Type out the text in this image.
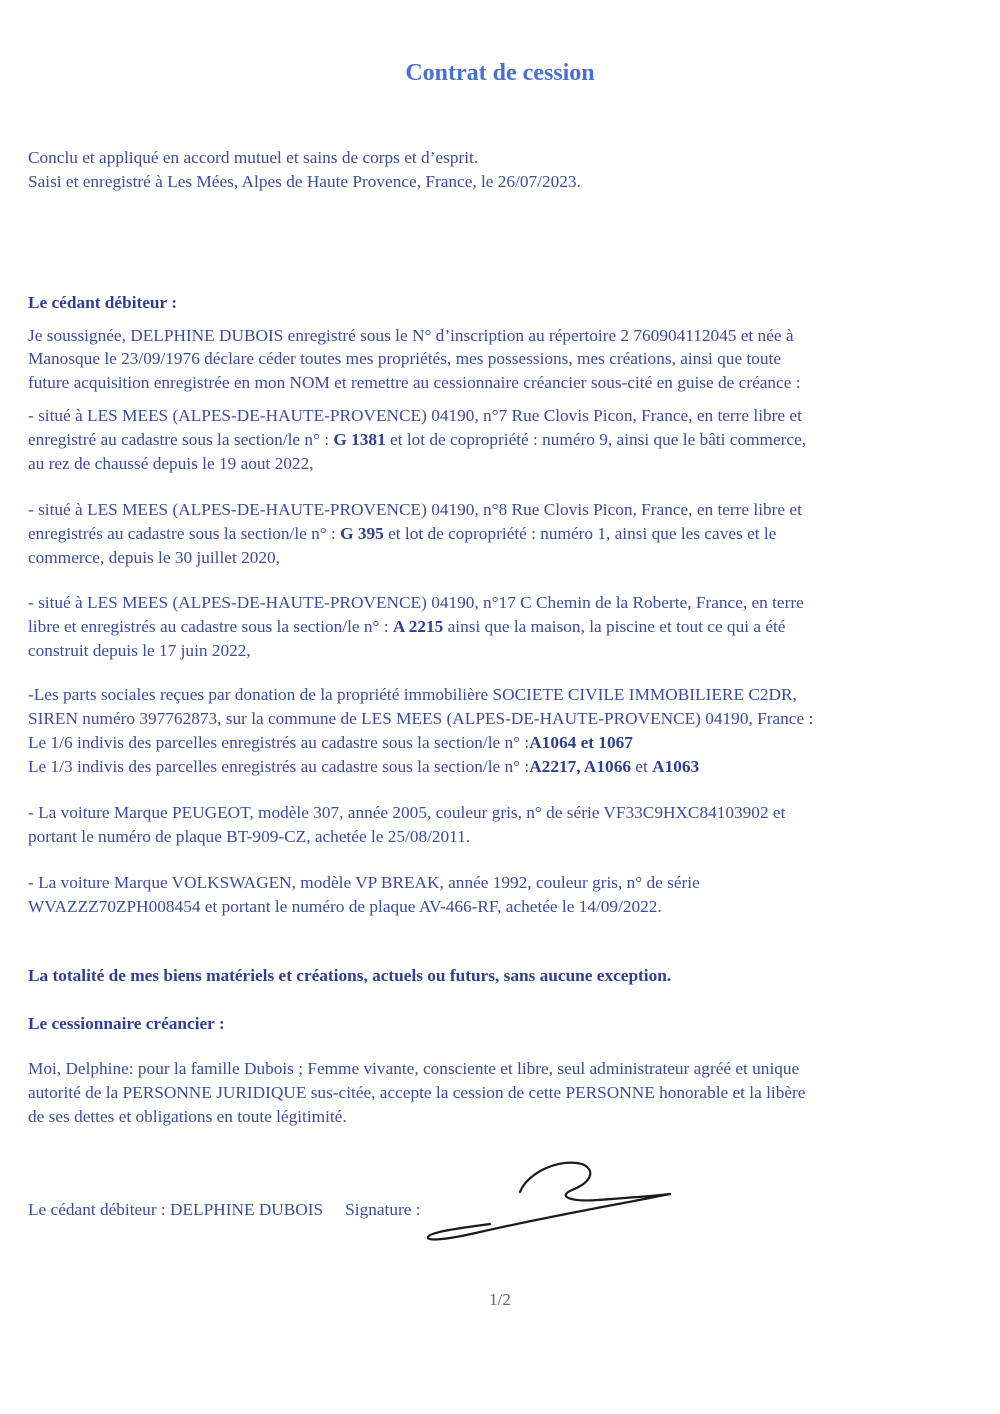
Contrat de cession
Conclu et appliqué en accord mutuel et sains de corps et d’esprit.
Saisi et enregistré à Les Mées, Alpes de Haute Provence, France, le 26/07/2023.
Le cédant débiteur :
Je soussignée, DELPHINE DUBOIS enregistré sous le N° d’inscription au répertoire 2 760904112045 et née à
Manosque le 23/09/1976 déclare céder toutes mes propriétés, mes possessions, mes créations, ainsi que toute
future acquisition enregistrée en mon NOM et remettre au cessionnaire créancier sous-cité en guise de créance :
- situé à LES MEES (ALPES-DE-HAUTE-PROVENCE) 04190, n°7 Rue Clovis Picon, France, en terre libre et
enregistré au cadastre sous la section/le n° : G 1381 et lot de copropriété : numéro 9, ainsi que le bâti commerce,
au rez de chaussé depuis le 19 aout 2022,
- situé à LES MEES (ALPES-DE-HAUTE-PROVENCE) 04190, n°8 Rue Clovis Picon, France, en terre libre et
enregistrés au cadastre sous la section/le n° : G 395 et lot de copropriété : numéro 1, ainsi que les caves et le
commerce, depuis le 30 juillet 2020,
- situé à LES MEES (ALPES-DE-HAUTE-PROVENCE) 04190, n°17 C Chemin de la Roberte, France, en terre
libre et enregistrés au cadastre sous la section/le n° : A 2215 ainsi que la maison, la piscine et tout ce qui a été
construit depuis le 17 juin 2022,
-Les parts sociales reçues par donation de la propriété immobilière SOCIETE CIVILE IMMOBILIERE C2DR,
SIREN numéro 397762873, sur la commune de LES MEES (ALPES-DE-HAUTE-PROVENCE) 04190, France :
Le 1/6 indivis des parcelles enregistrés au cadastre sous la section/le n° :A1064 et 1067
Le 1/3 indivis des parcelles enregistrés au cadastre sous la section/le n° :A2217, A1066 et A1063
- La voiture Marque PEUGEOT, modèle 307, année 2005, couleur gris, n° de série VF33C9HXC84103902 et
portant le numéro de plaque BT-909-CZ, achetée le 25/08/2011.
- La voiture Marque VOLKSWAGEN, modèle VP BREAK, année 1992, couleur gris, n° de série
WVAZZZ70ZPH008454 et portant le numéro de plaque AV-466-RF, achetée le 14/09/2022.
La totalité de mes biens matériels et créations, actuels ou futurs, sans aucune exception.
Le cessionnaire créancier :
Moi, Delphine: pour la famille Dubois ; Femme vivante, consciente et libre, seul administrateur agréé et unique
autorité de la PERSONNE JURIDIQUE sus-citée, accepte la cession de cette PERSONNE honorable et la libère
de ses dettes et obligations en toute légitimité.
Le cédant débiteur : DELPHINE DUBOIS Signature :
1/2
